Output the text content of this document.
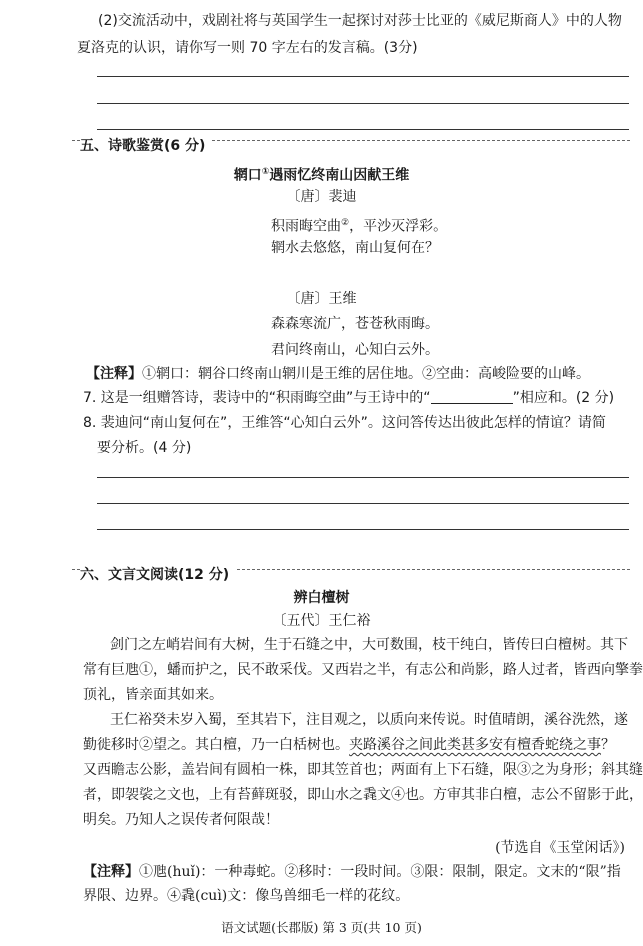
(2)交流活动中，戏剧社将与英国学生一起探讨对莎士比亚的《威尼斯商人》中的人物
夏洛克的认识，请你写一则 70 字左右的发言稿。(3分)
五、诗歌鉴赏(6 分)
辋口①遇雨忆终南山因献王维
〔唐〕裴迪
积雨晦空曲②，平沙灭浮彩。
辋水去悠悠，南山复何在？
〔唐〕王维
森森寒流广，苍苍秋雨晦。
君问终南山，心知白云外。
【注释】①辋口：辋谷口终南山辋川是王维的居住地。②空曲：高峻险要的山峰。
7. 这是一组赠答诗，裴诗中的“积雨晦空曲”与王诗中的“	”相应和。(2 分)
8. 裴迪问“南山复何在”，王维答“心知白云外”。这问答传达出彼此怎样的情谊？请简
要分析。(4 分)
六、文言文阅读(12 分)
辨白檀树
〔五代〕王仁裕
剑门之左峭岩间有大树，生于石缝之中，大可数围，枝干纯白，皆传曰白檀树。其下
常有巨虺①，蟠而护之，民不敢采伐。又西岩之半，有志公和尚影，路人过者，皆西向擎拳
顶礼，皆亲面其如来。
王仁裕癸未岁入蜀，至其岩下，注目观之，以质向来传说。时值晴朗，溪谷洗然，遂
勤徙移时②望之。其白檀，乃一白栝树也。夹路溪谷之间此类甚多安有檀香蛇绕之事？
又西瞻志公影，盖岩间有圆柏一株，即其笠首也；两面有上下石缝，限③之为身形；斜其缝
者，即袈裟之文也，上有苔藓斑驳，即山水之毳文④也。方审其非白檀，志公不留影于此，
明矣。乃知人之误传者何限哉！
(节选自《玉堂闲话》)
【注释】①虺(huǐ)：一种毒蛇。②移时：一段时间。③限：限制，限定。文末的“限”指
界限、边界。④毳(cuì)文：像鸟兽细毛一样的花纹。
语文试题(长郡版) 第 3 页(共 10 页)
